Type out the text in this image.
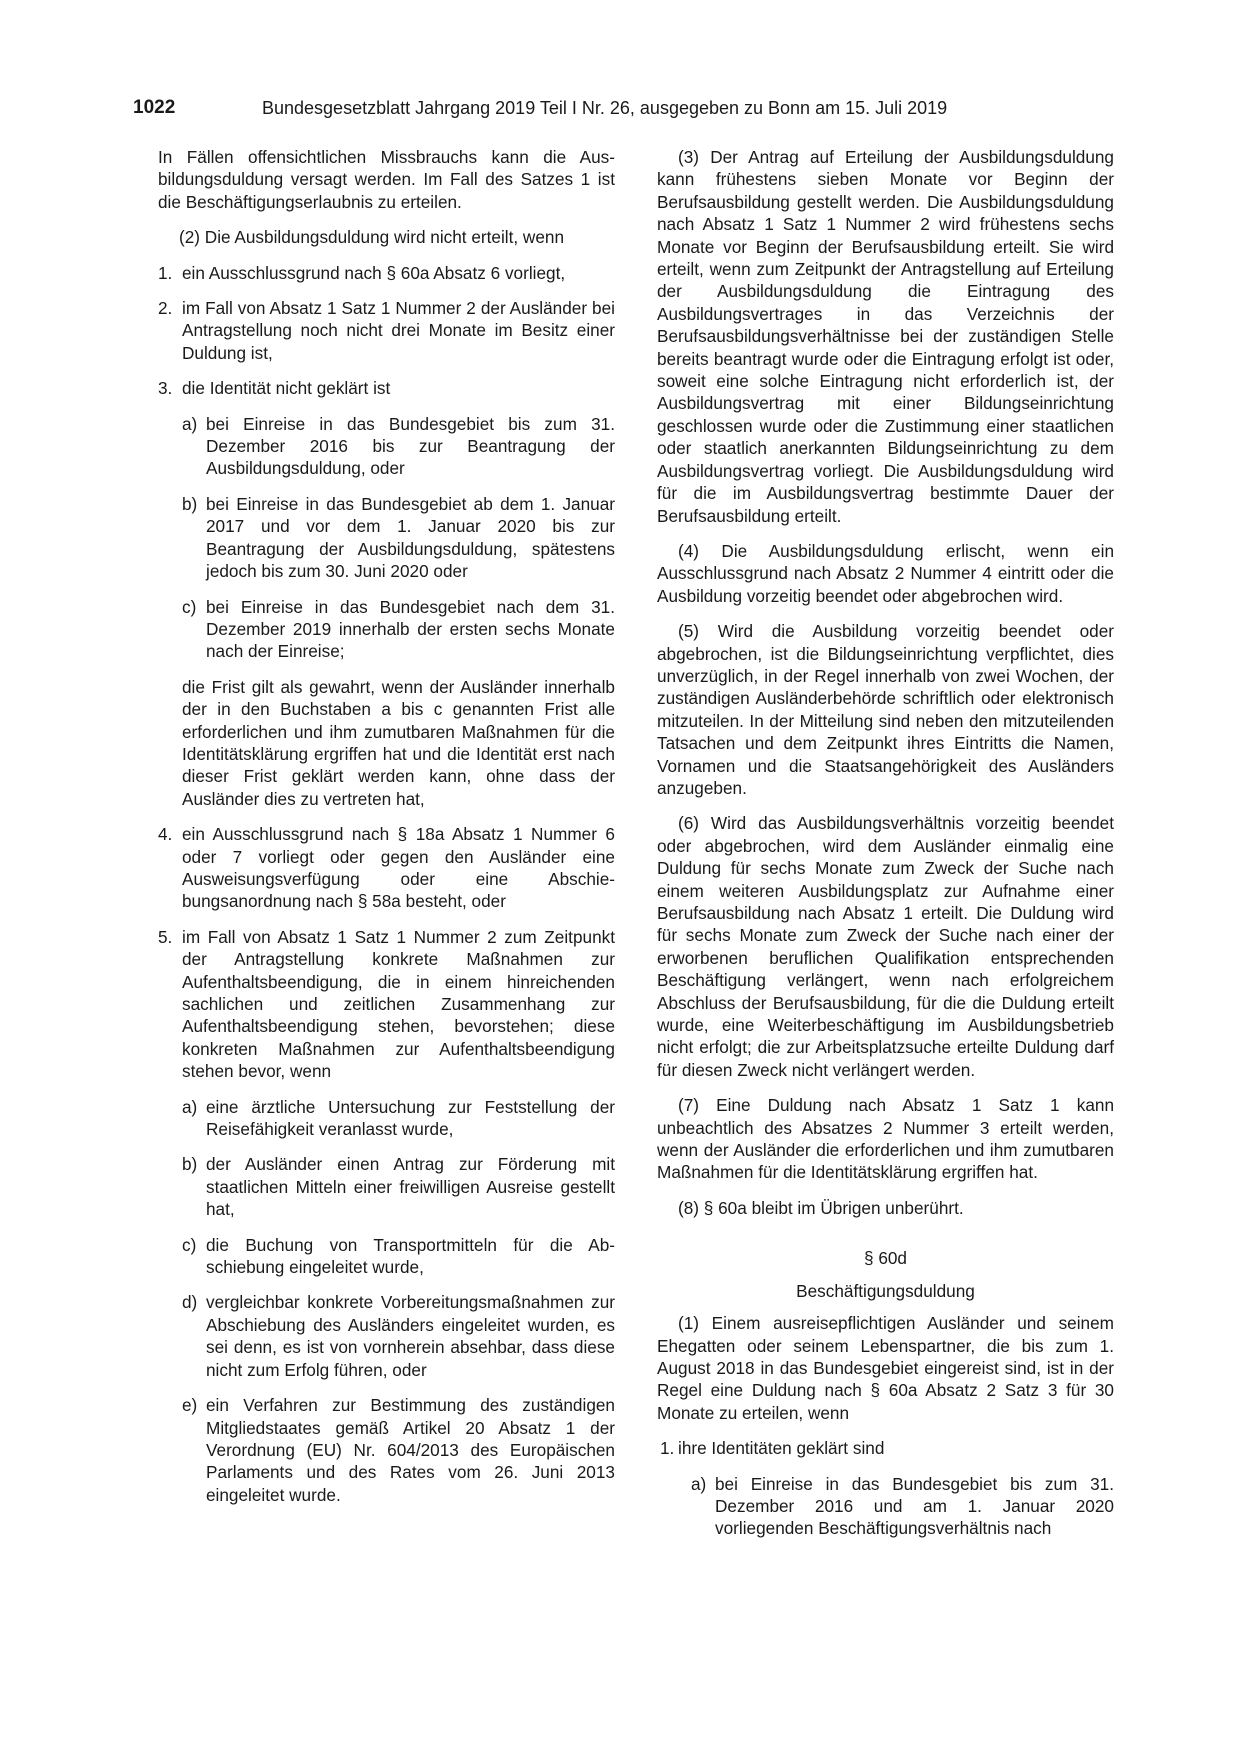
1022	Bundesgesetzblatt Jahrgang 2019 Teil I Nr. 26, ausgegeben zu Bonn am 15. Juli 2019

In Fällen offensichtlichen Missbrauchs kann die Ausbildungsduldung versagt werden. Im Fall des Satzes 1 ist die Beschäftigungserlaubnis zu erteilen.

(2) Die Ausbildungsduldung wird nicht erteilt, wenn

1. ein Ausschlussgrund nach § 60a Absatz 6 vorliegt,
2. im Fall von Absatz 1 Satz 1 Nummer 2 der Ausländer bei Antragstellung noch nicht drei Monate im Besitz einer Duldung ist,
3. die Identität nicht geklärt ist
a) bei Einreise in das Bundesgebiet bis zum 31. Dezember 2016 bis zur Beantragung der Ausbildungsduldung, oder
b) bei Einreise in das Bundesgebiet ab dem 1. Januar 2017 und vor dem 1. Januar 2020 bis zur Beantragung der Ausbildungsduldung, spätestens jedoch bis zum 30. Juni 2020 oder
c) bei Einreise in das Bundesgebiet nach dem 31. Dezember 2019 innerhalb der ersten sechs Monate nach der Einreise;
die Frist gilt als gewahrt, wenn der Ausländer innerhalb der in den Buchstaben a bis c genannten Frist alle erforderlichen und ihm zumutbaren Maßnahmen für die Identitätsklärung ergriffen hat und die Identität erst nach dieser Frist geklärt werden kann, ohne dass der Ausländer dies zu vertreten hat,
4. ein Ausschlussgrund nach § 18a Absatz 1 Nummer 6 oder 7 vorliegt oder gegen den Ausländer eine Ausweisungsverfügung oder eine Abschiebungsanordnung nach § 58a besteht, oder
5. im Fall von Absatz 1 Satz 1 Nummer 2 zum Zeitpunkt der Antragstellung konkrete Maßnahmen zur Aufenthaltsbeendigung, die in einem hinreichenden sachlichen und zeitlichen Zusammenhang zur Aufenthaltsbeendigung stehen, bevorstehen; diese konkreten Maßnahmen zur Aufenthaltsbeendigung stehen bevor, wenn
a) eine ärztliche Untersuchung zur Feststellung der Reisefähigkeit veranlasst wurde,
b) der Ausländer einen Antrag zur Förderung mit staatlichen Mitteln einer freiwilligen Ausreise gestellt hat,
c) die Buchung von Transportmitteln für die Abschiebung eingeleitet wurde,
d) vergleichbar konkrete Vorbereitungsmaßnahmen zur Abschiebung des Ausländers eingeleitet wurden, es sei denn, es ist von vornherein absehbar, dass diese nicht zum Erfolg führen, oder
e) ein Verfahren zur Bestimmung des zuständigen Mitgliedstaates gemäß Artikel 20 Absatz 1 der Verordnung (EU) Nr. 604/2013 des Europäischen Parlaments und des Rates vom 26. Juni 2013 eingeleitet wurde.

(3) Der Antrag auf Erteilung der Ausbildungsduldung kann frühestens sieben Monate vor Beginn der Berufsausbildung gestellt werden. Die Ausbildungsduldung nach Absatz 1 Satz 1 Nummer 2 wird frühestens sechs Monate vor Beginn der Berufsausbildung erteilt. Sie wird erteilt, wenn zum Zeitpunkt der Antragstellung auf Erteilung der Ausbildungsduldung die Eintragung des Ausbildungsvertrages in das Verzeichnis der Berufsausbildungsverhältnisse bei der zuständigen Stelle bereits beantragt wurde oder die Eintragung erfolgt ist oder, soweit eine solche Eintragung nicht erforderlich ist, der Ausbildungsvertrag mit einer Bildungseinrichtung geschlossen wurde oder die Zustimmung einer staatlichen oder staatlich anerkannten Bildungseinrichtung zu dem Ausbildungsvertrag vorliegt. Die Ausbildungsduldung wird für die im Ausbildungsvertrag bestimmte Dauer der Berufsausbildung erteilt.

(4) Die Ausbildungsduldung erlischt, wenn ein Ausschlussgrund nach Absatz 2 Nummer 4 eintritt oder die Ausbildung vorzeitig beendet oder abgebrochen wird.

(5) Wird die Ausbildung vorzeitig beendet oder abgebrochen, ist die Bildungseinrichtung verpflichtet, dies unverzüglich, in der Regel innerhalb von zwei Wochen, der zuständigen Ausländerbehörde schriftlich oder elektronisch mitzuteilen. In der Mitteilung sind neben den mitzuteilenden Tatsachen und dem Zeitpunkt ihres Eintritts die Namen, Vornamen und die Staatsangehörigkeit des Ausländers anzugeben.

(6) Wird das Ausbildungsverhältnis vorzeitig beendet oder abgebrochen, wird dem Ausländer einmalig eine Duldung für sechs Monate zum Zweck der Suche nach einem weiteren Ausbildungsplatz zur Aufnahme einer Berufsausbildung nach Absatz 1 erteilt. Die Duldung wird für sechs Monate zum Zweck der Suche nach einer der erworbenen beruflichen Qualifikation entsprechenden Beschäftigung verlängert, wenn nach erfolgreichem Abschluss der Berufsausbildung, für die die Duldung erteilt wurde, eine Weiterbeschäftigung im Ausbildungsbetrieb nicht erfolgt; die zur Arbeitsplatzsuche erteilte Duldung darf für diesen Zweck nicht verlängert werden.

(7) Eine Duldung nach Absatz 1 Satz 1 kann unbeachtlich des Absatzes 2 Nummer 3 erteilt werden, wenn der Ausländer die erforderlichen und ihm zumutbaren Maßnahmen für die Identitätsklärung ergriffen hat.

(8) § 60a bleibt im Übrigen unberührt.

§ 60d

Beschäftigungsduldung

(1) Einem ausreisepflichtigen Ausländer und seinem Ehegatten oder seinem Lebenspartner, die bis zum 1. August 2018 in das Bundesgebiet eingereist sind, ist in der Regel eine Duldung nach § 60a Absatz 2 Satz 3 für 30 Monate zu erteilen, wenn

1. ihre Identitäten geklärt sind
a) bei Einreise in das Bundesgebiet bis zum 31. Dezember 2016 und am 1. Januar 2020 vorliegenden Beschäftigungsverhältnis nach
